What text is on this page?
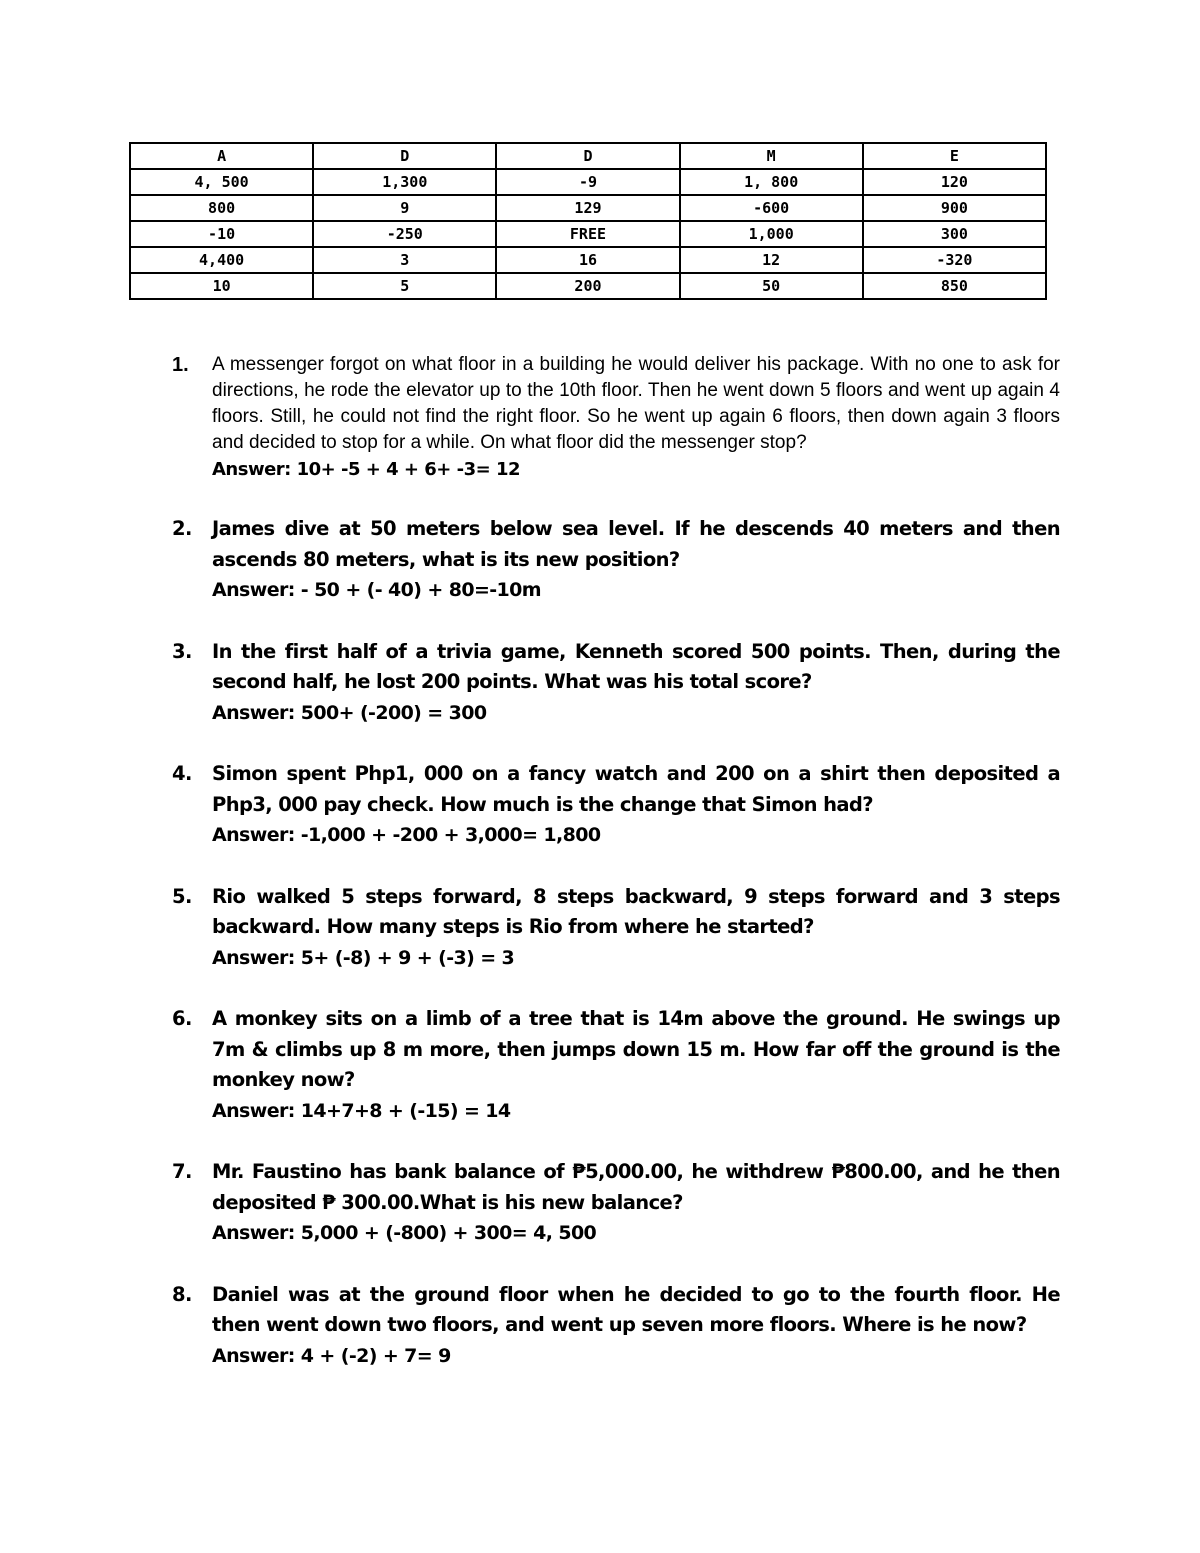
A	D	D	M	E
4, 500	1,300	-9	1, 800	120
800	9	129	-600	900
-10	-250	FREE	1,000	300
4,400	3	16	12	-320
10	5	200	50	850
1. A messenger forgot on what floor in a building he would deliver his package. With no one to ask for directions, he rode the elevator up to the 10th floor. Then he went down 5 floors and went up again 4 floors. Still, he could not find the right floor. So he went up again 6 floors, then down again 3 floors and decided to stop for a while. On what floor did the messenger stop?
Answer: 10+ -5 + 4 + 6+ -3= 12
2. James dive at 50 meters below sea level. If he descends 40 meters and then ascends 80 meters, what is its new position?
Answer: - 50 + (- 40) + 80=-10m
3. In the first half of a trivia game, Kenneth scored 500 points. Then, during the second half, he lost 200 points. What was his total score?
Answer: 500+ (-200) = 300
4. Simon spent Php1, 000 on a fancy watch and 200 on a shirt then deposited a Php3, 000 pay check. How much is the change that Simon had?
Answer: -1,000 + -200 + 3,000= 1,800
5. Rio walked 5 steps forward, 8 steps backward, 9 steps forward and 3 steps backward. How many steps is Rio from where he started?
Answer: 5+ (-8) + 9 + (-3) = 3
6. A monkey sits on a limb of a tree that is 14m above the ground. He swings up 7m & climbs up 8 m more, then jumps down 15 m. How far off the ground is the monkey now?
Answer: 14+7+8 + (-15) = 14
7. Mr. Faustino has bank balance of ₱5,000.00, he withdrew ₱800.00, and he then deposited ₱ 300.00.What is his new balance?
Answer: 5,000 + (-800) + 300= 4, 500
8. Daniel was at the ground floor when he decided to go to the fourth floor. He then went down two floors, and went up seven more floors. Where is he now?
Answer: 4 + (-2) + 7= 9
